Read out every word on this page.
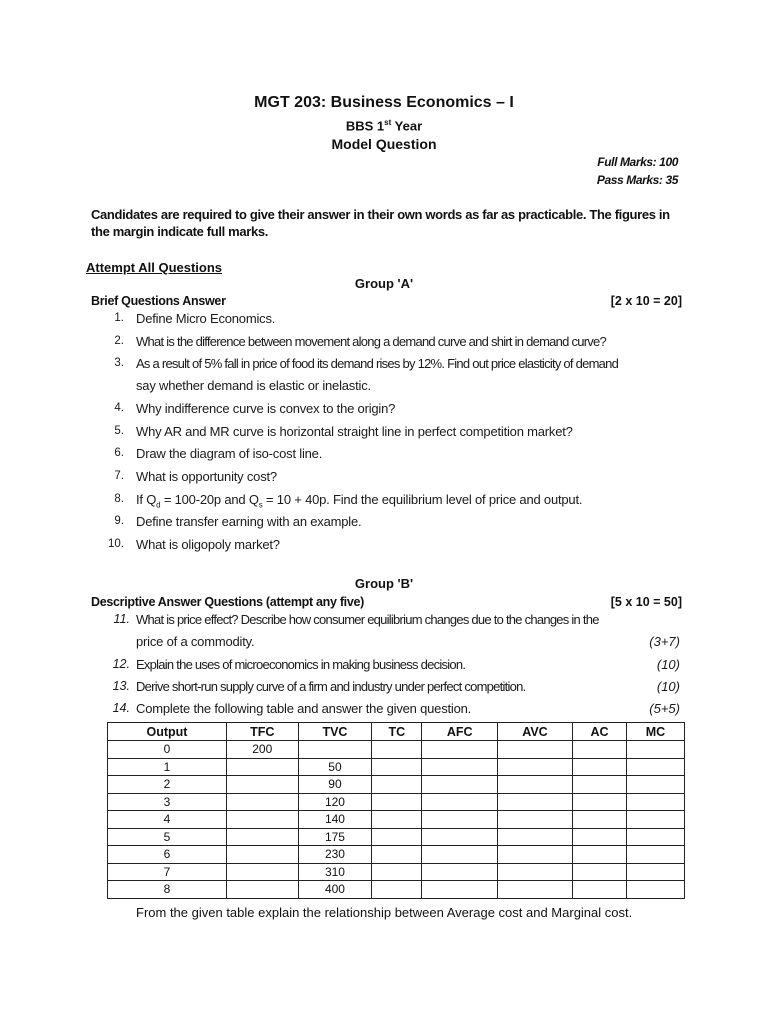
MGT 203: Business Economics – I
BBS 1st Year
Model Question
Full Marks: 100
Pass Marks: 35
Candidates are required to give their answer in their own words as far as practicable. The figures in the margin indicate full marks.
Attempt All Questions
Group 'A'
Brief Questions Answer	[2 x 10 = 20]
1. Define Micro Economics.
2. What is the difference between movement along a demand curve and shirt in demand curve?
3. As a result of 5% fall in price of food its demand rises by 12%. Find out price elasticity of demand
say whether demand is elastic or inelastic.
4. Why indifference curve is convex to the origin?
5. Why AR and MR curve is horizontal straight line in perfect competition market?
6. Draw the diagram of iso-cost line.
7. What is opportunity cost?
8. If $Q_d = 100-20p$ and $Q_s = 10 + 40p$. Find the equilibrium level of price and output.
9. Define transfer earning with an example.
10. What is oligopoly market?
Group 'B'
Descriptive Answer Questions (attempt any five)	[5 x 10 = 50]
11. What is price effect? Describe how consumer equilibrium changes due to the changes in the
price of a commodity.	(3+7)
12. Explain the uses of microeconomics in making business decision.	(10)
13. Derive short-run supply curve of a firm and industry under perfect competition.	(10)
14. Complete the following table and answer the given question.	(5+5)
Output	TFC	TVC	TC	AFC	AVC	AC	MC
0	200						
1		50					
2		90					
3		120					
4		140					
5		175					
6		230					
7		310					
8		400					
From the given table explain the relationship between Average cost and Marginal cost.
